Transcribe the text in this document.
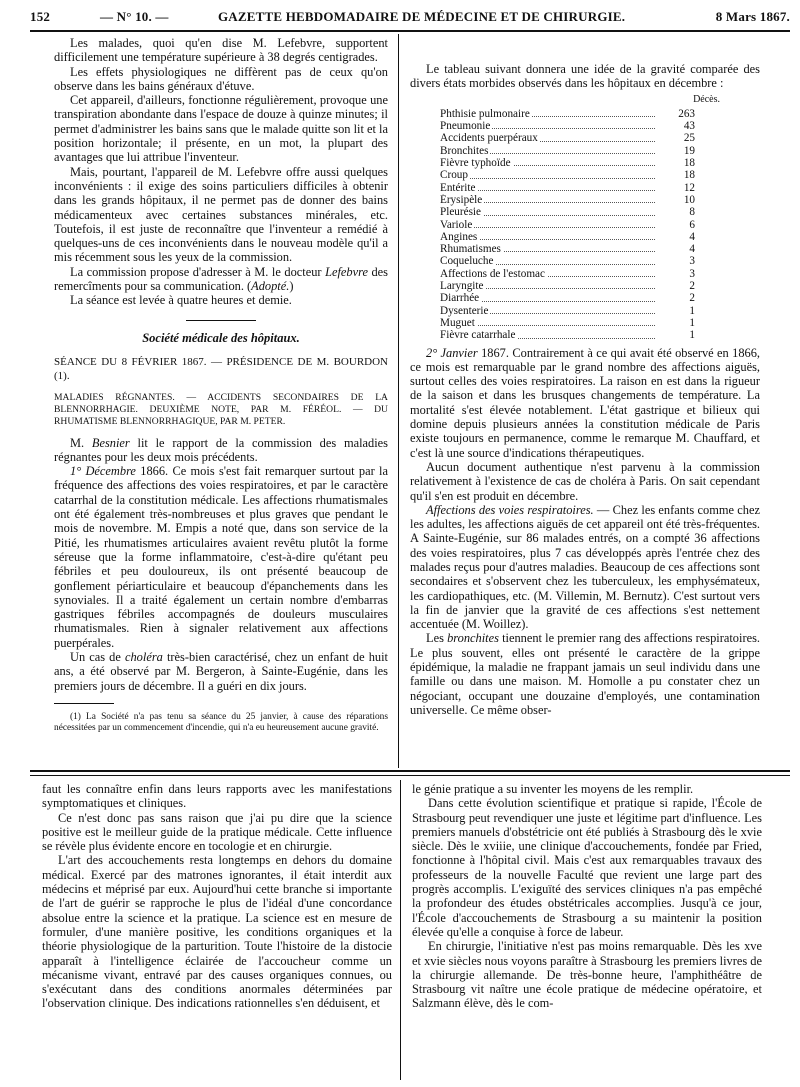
152	— N° 10. —	GAZETTE HEBDOMADAIRE DE MÉDECINE ET DE CHIRURGIE.	8 Mars 1867.

Les malades, quoi qu'en dise M. Lefebvre, supportent difficilement une température supérieure à 38 degrés centigrades.

Les effets physiologiques ne diffèrent pas de ceux qu'on observe dans les bains généraux d'étuve.

Cet appareil, d'ailleurs, fonctionne régulièrement, provoque une transpiration abondante dans l'espace de douze à quinze minutes; il permet d'administrer les bains sans que le malade quitte son lit et la position horizontale; il présente, en un mot, la plupart des avantages que lui attribue l'inventeur.

Mais, pourtant, l'appareil de M. Lefebvre offre aussi quelques inconvénients : il exige des soins particuliers difficiles à obtenir dans les grands hôpitaux, il ne permet pas de donner des bains médicamenteux avec certaines substances minérales, etc. Toutefois, il est juste de reconnaître que l'inventeur a remédié à quelques-uns de ces inconvénients dans le nouveau modèle qu'il a mis récemment sous les yeux de la commission.

La commission propose d'adresser à M. le docteur Lefebvre des remercîments pour sa communication. (Adopté.)

La séance est levée à quatre heures et demie.

Société médicale des hôpitaux.

SÉANCE DU 8 FÉVRIER 1867. — PRÉSIDENCE DE M. BOURDON (1).

MALADIES RÉGNANTES. — ACCIDENTS SECONDAIRES DE LA BLENNORRHAGIE. DEUXIÈME NOTE, PAR M. FÉRÉOL. — DU RHUMATISME BLENNORRHAGIQUE, PAR M. PETER.

M. Besnier lit le rapport de la commission des maladies régnantes pour les deux mois précédents.

1° Décembre 1866. Ce mois s'est fait remarquer surtout par la fréquence des affections des voies respiratoires, et par le caractère catarrhal de la constitution médicale. Les affections rhumatismales ont été également très-nombreuses et plus graves que pendant le mois de novembre. M. Empis a noté que, dans son service de la Pitié, les rhumatismes articulaires avaient revêtu plutôt la forme séreuse que la forme inflammatoire, c'est-à-dire qu'étant peu fébriles et peu douloureux, ils ont présenté beaucoup de gonflement périarticulaire et beaucoup d'épanchements dans les synoviales. Il a traité également un certain nombre d'embarras gastriques fébriles accompagnés de douleurs musculaires rhumatismales. Rien à signaler relativement aux affections puerpérales.

Un cas de choléra très-bien caractérisé, chez un enfant de huit ans, a été observé par M. Bergeron, à Sainte-Eugénie, dans les premiers jours de décembre. Il a guéri en dix jours.

(1) La Société n'a pas tenu sa séance du 25 janvier, à cause des réparations nécessitées par un commencement d'incendie, qui n'a eu heureusement aucune gravité.

Le tableau suivant donnera une idée de la gravité comparée des divers états morbides observés dans les hôpitaux en décembre :

Décès.
Phthisie pulmonaire	263

Pneumonie	43

Accidents puerpéraux	25

Bronchites	19

Fièvre typhoïde	18

Croup	18

Entérite	12

Érysipèle	10

Pleurésie	8

Variole	6

Angines	4

Rhumatismes	4

Coqueluche	3

Affections de l'estomac	3

Laryngite	2

Diarrhée	2

Dysenterie	1

Muguet	1

Fièvre catarrhale	1

2° Janvier 1867. Contrairement à ce qui avait été observé en 1866, ce mois est remarquable par le grand nombre des affections aiguës, surtout celles des voies respiratoires. La raison en est dans la rigueur de la saison et dans les brusques changements de température. La mortalité s'est élevée notablement. L'état gastrique et bilieux qui domine depuis plusieurs années la constitution médicale de Paris existe toujours en permanence, comme le remarque M. Chauffard, et c'est là une source d'indications thérapeutiques.

Aucun document authentique n'est parvenu à la commission relativement à l'existence de cas de choléra à Paris. On sait cependant qu'il s'en est produit en décembre.

Affections des voies respiratoires. — Chez les enfants comme chez les adultes, les affections aiguës de cet appareil ont été très-fréquentes. A Sainte-Eugénie, sur 86 malades entrés, on a compté 36 affections des voies respiratoires, plus 7 cas développés après l'entrée chez des malades reçus pour d'autres maladies. Beaucoup de ces affections sont secondaires et s'observent chez les tuberculeux, les emphysémateux, les cardiopathiques, etc. (M. Villemin, M. Bernutz). C'est surtout vers la fin de janvier que la gravité de ces affections s'est nettement accentuée (M. Woillez).

Les bronchites tiennent le premier rang des affections respiratoires. Le plus souvent, elles ont présenté le caractère de la grippe épidémique, la maladie ne frappant jamais un seul individu dans une famille ou dans une maison. M. Homolle a pu constater chez un négociant, occupant une douzaine d'employés, une contamination universelle. Ce même obser-

faut les connaître enfin dans leurs rapports avec les manifestations symptomatiques et cliniques.

Ce n'est donc pas sans raison que j'ai pu dire que la science positive est le meilleur guide de la pratique médicale. Cette influence se révèle plus évidente encore en tocologie et en chirurgie.

L'art des accouchements resta longtemps en dehors du domaine médical. Exercé par des matrones ignorantes, il était interdit aux médecins et méprisé par eux. Aujourd'hui cette branche si importante de l'art de guérir se rapproche le plus de l'idéal d'une concordance absolue entre la science et la pratique. La science est en mesure de formuler, d'une manière positive, les conditions organiques et la théorie physiologique de la parturition. Toute l'histoire de la distocie apparaît à l'intelligence éclairée de l'accoucheur comme un mécanisme vivant, entravé par des causes organiques connues, ou s'exécutant dans des conditions anormales déterminées par l'observation clinique. Des indications rationnelles s'en déduisent, et

le génie pratique a su inventer les moyens de les remplir.

Dans cette évolution scientifique et pratique si rapide, l'École de Strasbourg peut revendiquer une juste et légitime part d'influence. Les premiers manuels d'obstétricie ont été publiés à Strasbourg dès le xvie siècle. Dès le xviiie, une clinique d'accouchements, fondée par Fried, fonctionne à l'hôpital civil. Mais c'est aux remarquables travaux des professeurs de la nouvelle Faculté que revient une large part des progrès accomplis. L'exiguïté des services cliniques n'a pas empêché la profondeur des études obstétricales accomplies. Jusqu'à ce jour, l'École d'accouchements de Strasbourg a su maintenir la position élevée qu'elle a conquise à force de labeur.

En chirurgie, l'initiative n'est pas moins remarquable. Dès les xve et xvie siècles nous voyons paraître à Strasbourg les premiers livres de la chirurgie allemande. De très-bonne heure, l'amphithéâtre de Strasbourg vit naître une école pratique de médecine opératoire, et Salzmann élève, dès le com-
